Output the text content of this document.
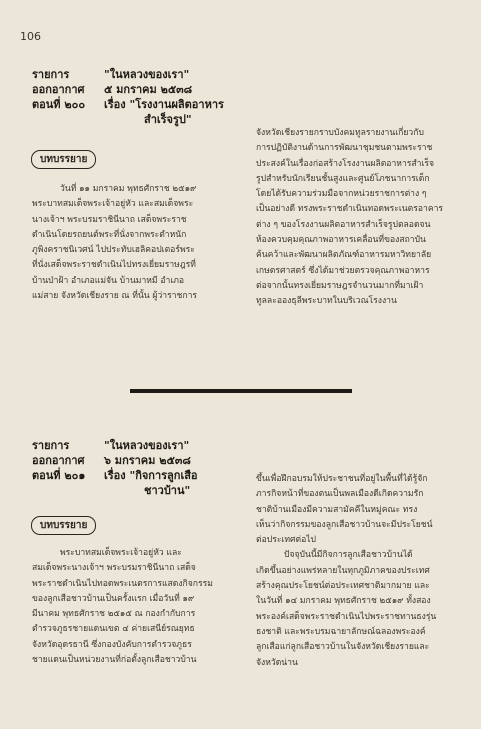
106
รายการ	"ในหลวงของเรา"
ออกอากาศ	๕ มกราคม ๒๕๓๘
ตอนที่ ๒๐๐	เรื่อง "โรงงานผลิตอาหาร
สำเร็จรูป"
บทบรรยาย
วันที่ ๑๑ มกราคม พุทธศักราช ๒๕๑๙
พระบาทสมเด็จพระเจ้าอยู่หัว และสมเด็จพระ
นางเจ้าฯ พระบรมราชินีนาถ เสด็จพระราช
ดำเนินโดยรถยนต์พระที่นั่งจากพระตำหนัก
ภูพิงคราชนิเวศน์ ไปประทับเฮลิคอปเตอร์พระ
ที่นั่งเสด็จพระราชดำเนินไปทรงเยี่ยมราษฎรที่
บ้านป่าฝ้า อำเภอแม่จัน บ้านมาหมี อำเภอ
แม่สาย จังหวัดเชียงราย ณ ที่นั้น ผู้ว่าราชการ
จังหวัดเชียงรายกราบบังคมทูลรายงานเกี่ยวกับ
การปฏิบัติงานด้านการพัฒนาชุมชนตามพระราช
ประสงค์ในเรื่องก่อสร้างโรงงานผลิตอาหารสำเร็จ
รูปสำหรับนักเรียนชั้นสูงและศูนย์โภชนาการเด็ก
โดยได้รับความร่วมมือจากหน่วยราชการต่าง ๆ
เป็นอย่างดี ทรงพระราชดำเนินทอดพระเนตรอาคาร
ต่าง ๆ ของโรงงานผลิตอาหารสำเร็จรูปตลอดจน
ห้องควบคุมคุณภาพอาหารเคลื่อนที่ของสถาบัน
ค้นคว้าและพัฒนาผลิตภัณฑ์อาหารมหาวิทยาลัย
เกษตรศาสตร์ ซึ่งได้มาช่วยตรวจคุณภาพอาหาร
ต่อจากนั้นทรงเยี่ยมราษฎรจำนวนมากที่มาเฝ้า
ทูลละอองธุลีพระบาทในบริเวณโรงงาน
รายการ	"ในหลวงของเรา"
ออกอากาศ	๖ มกราคม ๒๕๓๘
ตอนที่ ๒๐๑	เรื่อง "กิจการลูกเสือ
ชาวบ้าน"
บทบรรยาย
พระบาทสมเด็จพระเจ้าอยู่หัว และ
สมเด็จพระนางเจ้าฯ พระบรมราชินีนาถ เสด็จ
พระราชดำเนินไปทอดพระเนตรการแสดงกิจกรรม
ของลูกเสือชาวบ้านเป็นครั้งแรก เมื่อวันที่ ๑๙
มีนาคม พุทธศักราช ๒๕๑๕ ณ กองกำกับการ
ตำรวจภูธรชายแดนเขต ๔ ค่ายเสนีย์รณยุทธ
จังหวัดอุดรธานี ซึ่งกองบังคับการตำรวจภูธร
ชายแดนเป็นหน่วยงานที่ก่อตั้งลูกเสือชาวบ้าน
ขึ้นเพื่อฝึกอบรมให้ประชาชนที่อยู่ในพื้นที่ได้รู้จัก
ภารกิจหน้าที่ของตนเป็นพลเมืองดีเกิดความรัก
ชาติบ้านเมืองมีความสามัคคีในหมู่คณะ ทรง
เห็นว่ากิจกรรมของลูกเสือชาวบ้านจะมีประโยชน์
ต่อประเทศต่อไป
ปัจจุบันนี้มีกิจการลูกเสือชาวบ้านได้
เกิดขึ้นอย่างแพร่หลายในทุกภูมิภาคของประเทศ
สร้างคุณประโยชน์ต่อประเทศชาติมากมาย และ
ในวันที่ ๑๔ มกราคม พุทธศักราช ๒๕๑๙ ทั้งสอง
พระองค์เสด็จพระราชดำเนินไปพระราชทานธงรุ่น
ธงชาติ และพระบรมฉายาลักษณ์ฉลองพระองค์
ลูกเสือแก่ลูกเสือชาวบ้านในจังหวัดเชียงรายและ
จังหวัดน่าน
